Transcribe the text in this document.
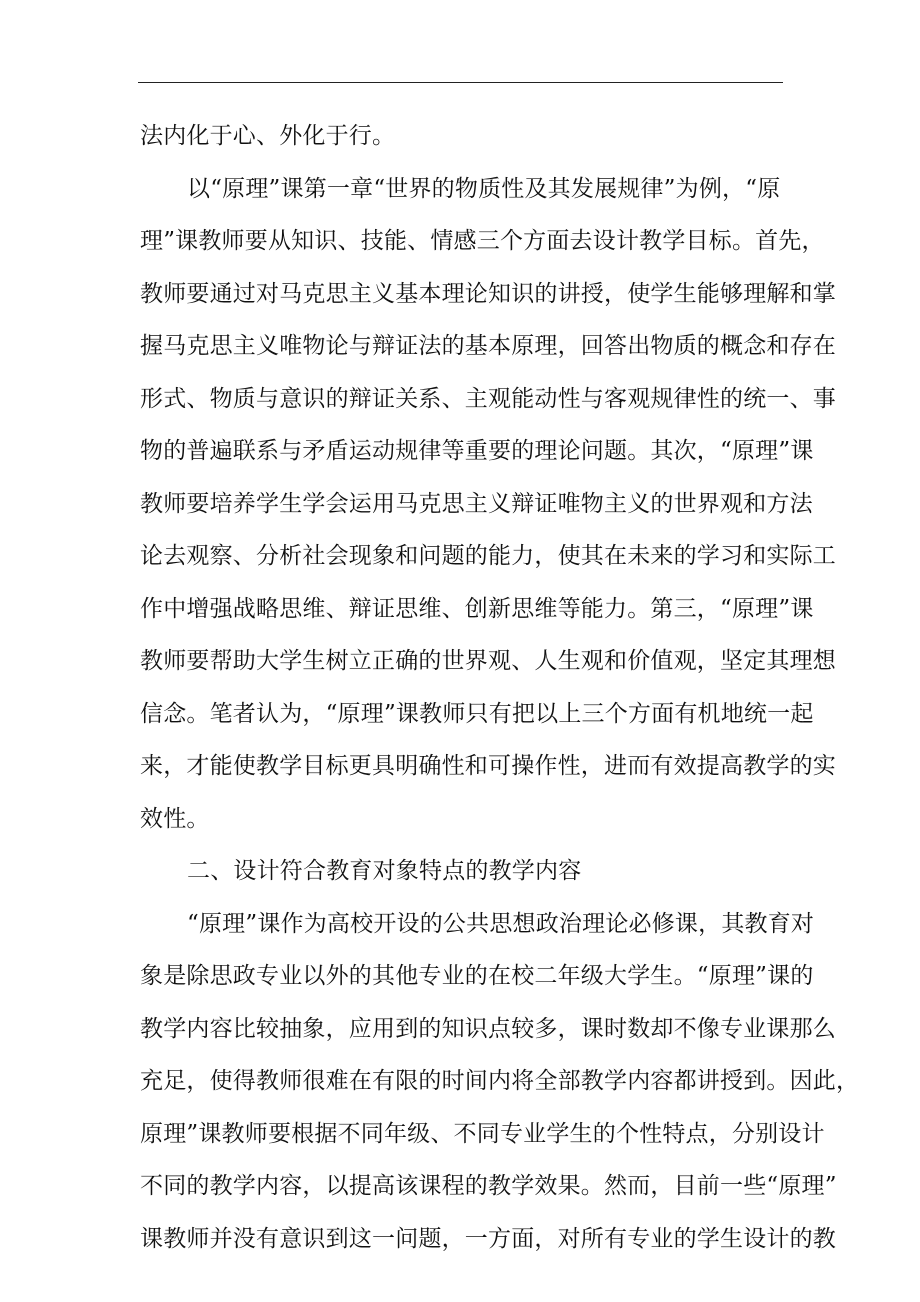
法内化于心、外化于行。
以“原理”课第一章“世界的物质性及其发展规律”为例，“原
理”课教师要从知识、技能、情感三个方面去设计教学目标。首先，
教师要通过对马克思主义基本理论知识的讲授，使学生能够理解和掌
握马克思主义唯物论与辩证法的基本原理，回答出物质的概念和存在
形式、物质与意识的辩证关系、主观能动性与客观规律性的统一、事
物的普遍联系与矛盾运动规律等重要的理论问题。其次，“原理”课
教师要培养学生学会运用马克思主义辩证唯物主义的世界观和方法
论去观察、分析社会现象和问题的能力，使其在未来的学习和实际工
作中增强战略思维、辩证思维、创新思维等能力。第三，“原理”课
教师要帮助大学生树立正确的世界观、人生观和价值观，坚定其理想
信念。笔者认为，“原理”课教师只有把以上三个方面有机地统一起
来，才能使教学目标更具明确性和可操作性，进而有效提高教学的实
效性。
二、设计符合教育对象特点的教学内容
“原理”课作为高校开设的公共思想政治理论必修课，其教育对
象是除思政专业以外的其他专业的在校二年级大学生。“原理”课的
教学内容比较抽象，应用到的知识点较多，课时数却不像专业课那么
充足，使得教师很难在有限的时间内将全部教学内容都讲授到。因此，
原理”课教师要根据不同年级、不同专业学生的个性特点，分别设计
不同的教学内容，以提高该课程的教学效果。然而，目前一些“原理”
课教师并没有意识到这一问题，一方面，对所有专业的学生设计的教
